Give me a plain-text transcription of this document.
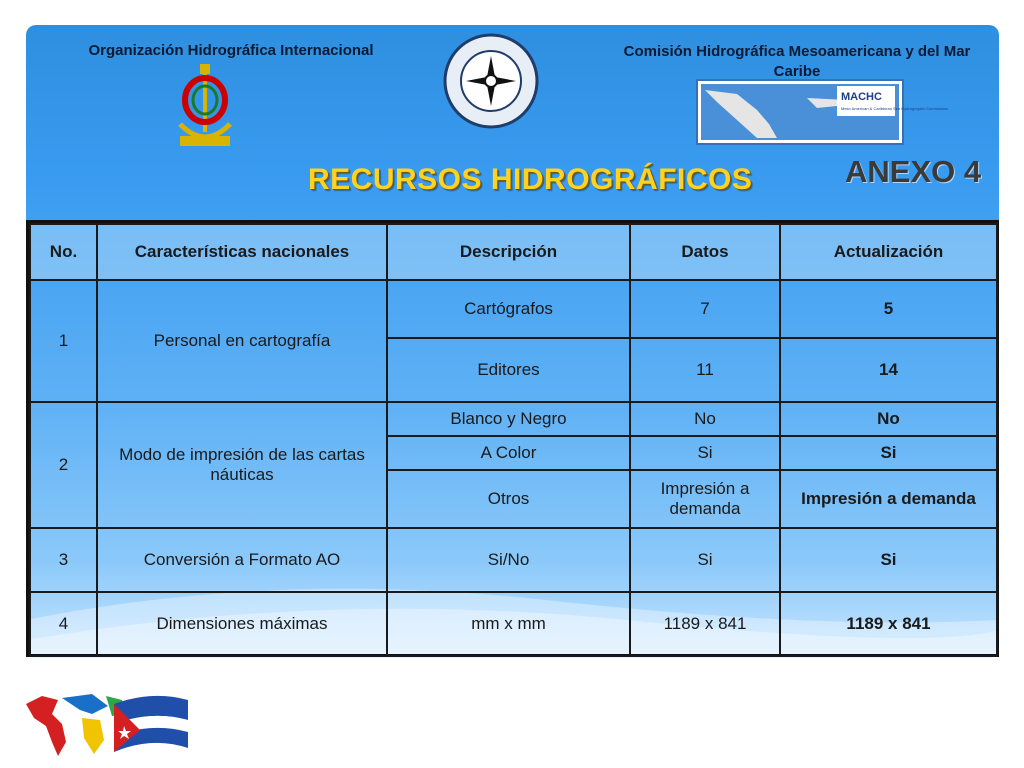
Organización Hidrográfica Internacional	Comisión Hidrográfica Mesoamericana y del Mar Caribe
MACHC
Meso American & Caribbean Sea Hydrographic Commission
RECURSOS HIDROGRÁFICOS	ANEXO 4
No.	Características nacionales	Descripción	Datos	Actualización
1	Personal en cartografía	Cartógrafos	7	5
		Editores	11	14
2	Modo de impresión de las cartas náuticas	Blanco y Negro	No	No
		A Color	Si	Si
		Otros	Impresión a demanda	Impresión a demanda
3	Conversión a Formato AO	Si/No	Si	Si
4	Dimensiones máximas	mm x mm	1189 x 841	1189 x 841
